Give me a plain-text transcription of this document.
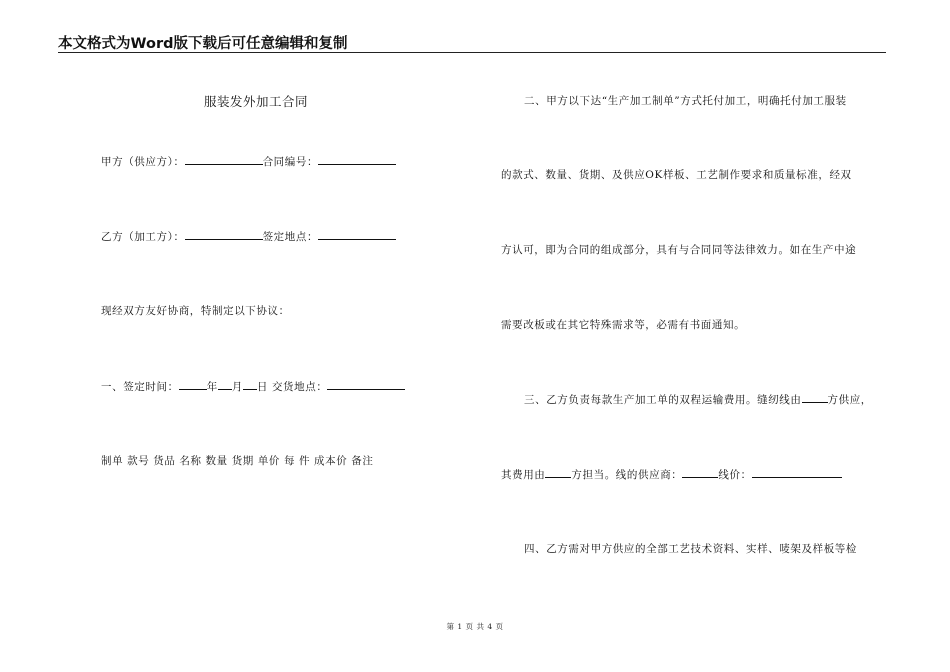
本文格式为Word版下载后可任意编辑和复制
服装发外加工合同
甲方（供应方）：	合同编号：
乙方（加工方）：	签定地点：
现经双方友好协商，特制定以下协议：
一、签定时间：	年 月 日 交货地点：
制单 款号 货品 名称 数量 货期 单价 每 件 成本价 备注
二、甲方以下达“生产加工制单”方式托付加工，明确托付加工服装
的款式、数量、货期、及供应OK样板、工艺制作要求和质量标准，经双
方认可，即为合同的组成部分，具有与合同同等法律效力。如在生产中途
需要改板或在其它特殊需求等，必需有书面通知。
三、乙方负责每款生产加工单的双程运输费用。缝纫线由 方供应，
其费用由 方担当。线的供应商：	线价：
四、乙方需对甲方供应的全部工艺技术资料、实样、唛架及样板等检
第 1 页 共 4 页
